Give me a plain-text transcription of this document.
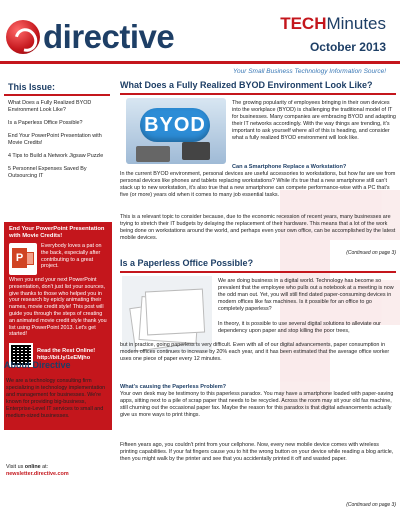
directive	TECHMinutes
October 2013
Your Small Business Technology Information Source!
This Issue:
What Does a Fully Realized BYOD Environment Look Like?
Is a Paperless Office Possible?
End Your PowerPoint Presentation with Movie Credits!
4 Tips to Build a Network Jigsaw Puzzle
5 Personnel Expenses Saved By Outsourcing IT
End Your PowerPoint Presentation with Movie Credits!
P
Everybody loves a pat on the back, especially after contributing to a great project.
When you end your next PowerPoint presentation, don't just list your sources, give thanks to those who helped you in your research by epicly animating their names, movie credit style! This post will guide you through the steps of creating an animated movie credit style thank you list using PowerPoint 2013. Let's get started!
Read the Rest Online!
http://bit.ly/1eEMjho
About Directive
We are a technology consulting firm specializing in technology implementation and management for businesses. We're known for providing big-business, Enterprise-Level IT services to small and medium-sized businesses.
Visit us online at:
newsletter.directive.com
What Does a Fully Realized BYOD Environment Look Like?
BYOD
The growing popularity of employees bringing in their own devices into the workplace (BYOD) is challenging the traditional model of IT for businesses. Many companies are embracing BYOD and adapting their IT networks accordingly. With the way things are trending, it's important to ask yourself where all of this is heading, and consider what a fully realized BYOD environment will look like.
Can a Smartphone Replace a Workstation?
In the current BYOD environment, personal devices are useful accessories to workstations, but how far are we from personal devices like phones and tablets replacing workstations? While it's true that a new smartphone still can't stack up to new workstation, it's also true that a new smartphone can compete performance-wise with a PC that's five (or more) years old when it comes to many job essential tasks.
This is a relevant topic to consider because, due to the economic recession of recent years, many businesses are trying to stretch their IT budgets by delaying the replacement of their hardware. This means that a lot of the work being done on workstations around the world, and perhaps even your own office, can be accomplished by the latest mobile devices.
(Continued on page 3)
Is a Paperless Office Possible?
We are doing business in a digital world. Technology has become so prevalent that the employee who pulls out a notebook at a meeting is now the odd man out. Yet, you will still find dated paper-consuming devices in modern offices like fax machines. Is it possible for an office to go completely paperless?
In theory, it is possible to use several digital solutions to alleviate our dependency upon paper and stop killing the poor trees,
but in practice, going paperless is very difficult. Even with all of our digital advancements, paper consumption in modern offices continues to increase by 20% each year, and it has been estimated that the average office worker uses one piece of paper every 12 minutes.
What's causing the Paperless Problem?
Your own desk may be testimony to this paperless paradox. You may have a smartphone loaded with paper-saving apps, sitting next to a pile of scrap paper that needs to be recycled. Across the room may sit your old fax machine, still churning out the occasional paper fax. Maybe the reason for this paradox is that digital advancements actually give us more ways to print things.
Fifteen years ago, you couldn't print from your cellphone. Now, every new mobile device comes with wireless printing capabilities. If your fat fingers cause you to hit the wrong button on your device while reading a blog article, then you might walk by the printer and see that you accidentally printed it off and wasted paper.
(Continued on page 3)
